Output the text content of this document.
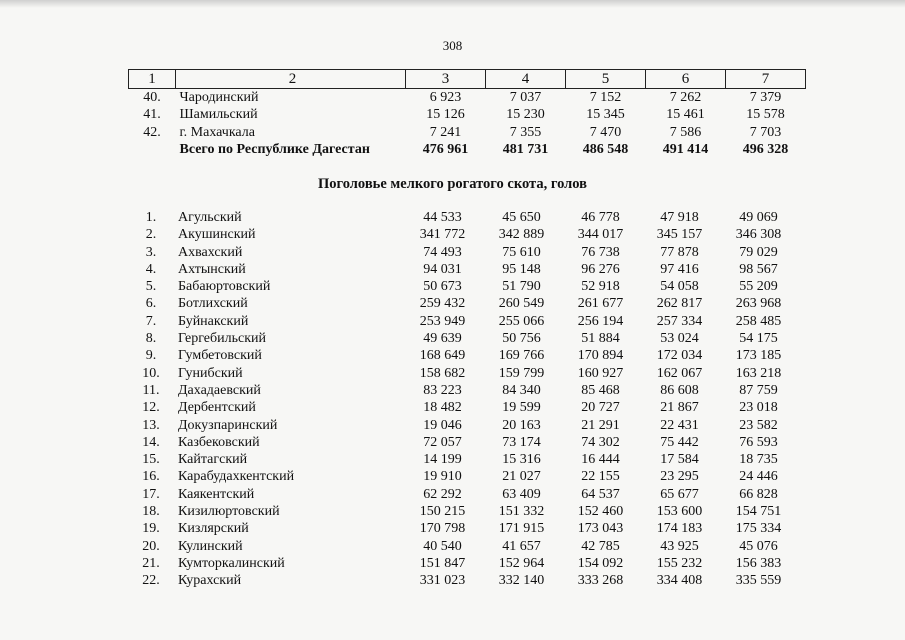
308
1	2	3	4	5	6	7
40.	Чародинский	6 923	7 037	7 152	7 262	7 379
41.	Шамильский	15 126	15 230	15 345	15 461	15 578
42.	г. Махачкала	7 241	7 355	7 470	7 586	7 703
	Всего по Республике Дагестан	476 961	481 731	486 548	491 414	496 328
Поголовье мелкого рогатого скота, голов
1.	Агульский	44 533	45 650	46 778	47 918	49 069
2.	Акушинский	341 772	342 889	344 017	345 157	346 308
3.	Ахвахский	74 493	75 610	76 738	77 878	79 029
4.	Ахтынский	94 031	95 148	96 276	97 416	98 567
5.	Бабаюртовский	50 673	51 790	52 918	54 058	55 209
6.	Ботлихский	259 432	260 549	261 677	262 817	263 968
7.	Буйнакский	253 949	255 066	256 194	257 334	258 485
8.	Гергебильский	49 639	50 756	51 884	53 024	54 175
9.	Гумбетовский	168 649	169 766	170 894	172 034	173 185
10.	Гунибский	158 682	159 799	160 927	162 067	163 218
11.	Дахадаевский	83 223	84 340	85 468	86 608	87 759
12.	Дербентский	18 482	19 599	20 727	21 867	23 018
13.	Докузпаринский	19 046	20 163	21 291	22 431	23 582
14.	Казбековский	72 057	73 174	74 302	75 442	76 593
15.	Кайтагский	14 199	15 316	16 444	17 584	18 735
16.	Карабудахкентский	19 910	21 027	22 155	23 295	24 446
17.	Каякентский	62 292	63 409	64 537	65 677	66 828
18.	Кизилюртовский	150 215	151 332	152 460	153 600	154 751
19.	Кизлярский	170 798	171 915	173 043	174 183	175 334
20.	Кулинский	40 540	41 657	42 785	43 925	45 076
21.	Кумторкалинский	151 847	152 964	154 092	155 232	156 383
22.	Курахский	331 023	332 140	333 268	334 408	335 559
